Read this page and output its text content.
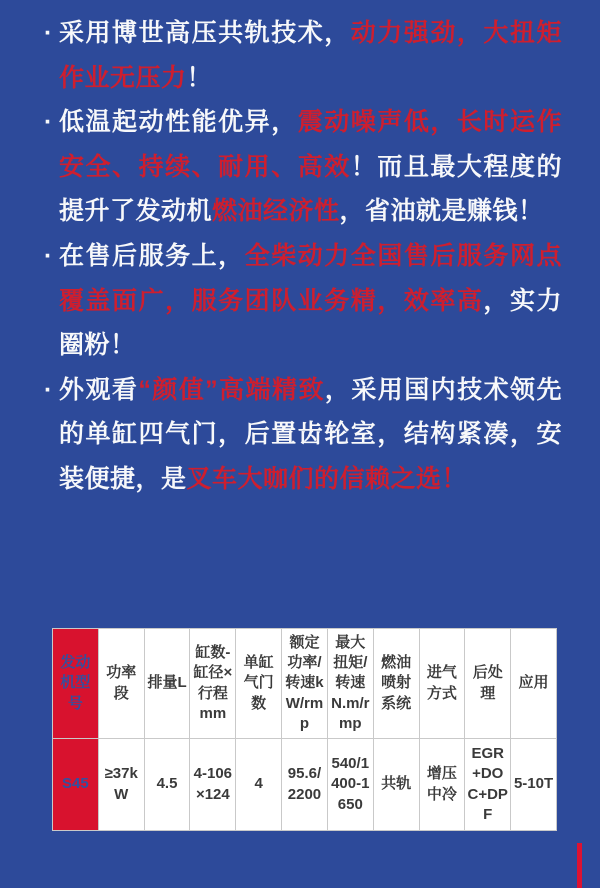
· 采用博世高压共轨技术，动力强劲，大扭矩作业无压力！
· 低温起动性能优异，震动噪声低，长时运作安全、持续、耐用、高效！而且最大程度的提升了发动机燃油经济性，省油就是赚钱！
· 在售后服务上，全柴动力全国售后服务网点覆盖面广，服务团队业务精，效率高，实力圈粉！
· 外观看“颜值”高端精致，采用国内技术领先的单缸四气门，后置齿轮室，结构紧凑，安装便捷，是叉车大咖们的信赖之选！
发动机型号	功率段	排量L	缸数-缸径×行程mm	单缸气门数	额定功率/转速kW/rmp	最大扭矩/转速N.m/rmp	燃油喷射系统	进气方式	后处理	应用
S45	≥37kW	4.5	4-106×124	4	95.6/2200	540/1400-1650	共轨	增压中冷	EGR+DOC+DPF	5-10T
